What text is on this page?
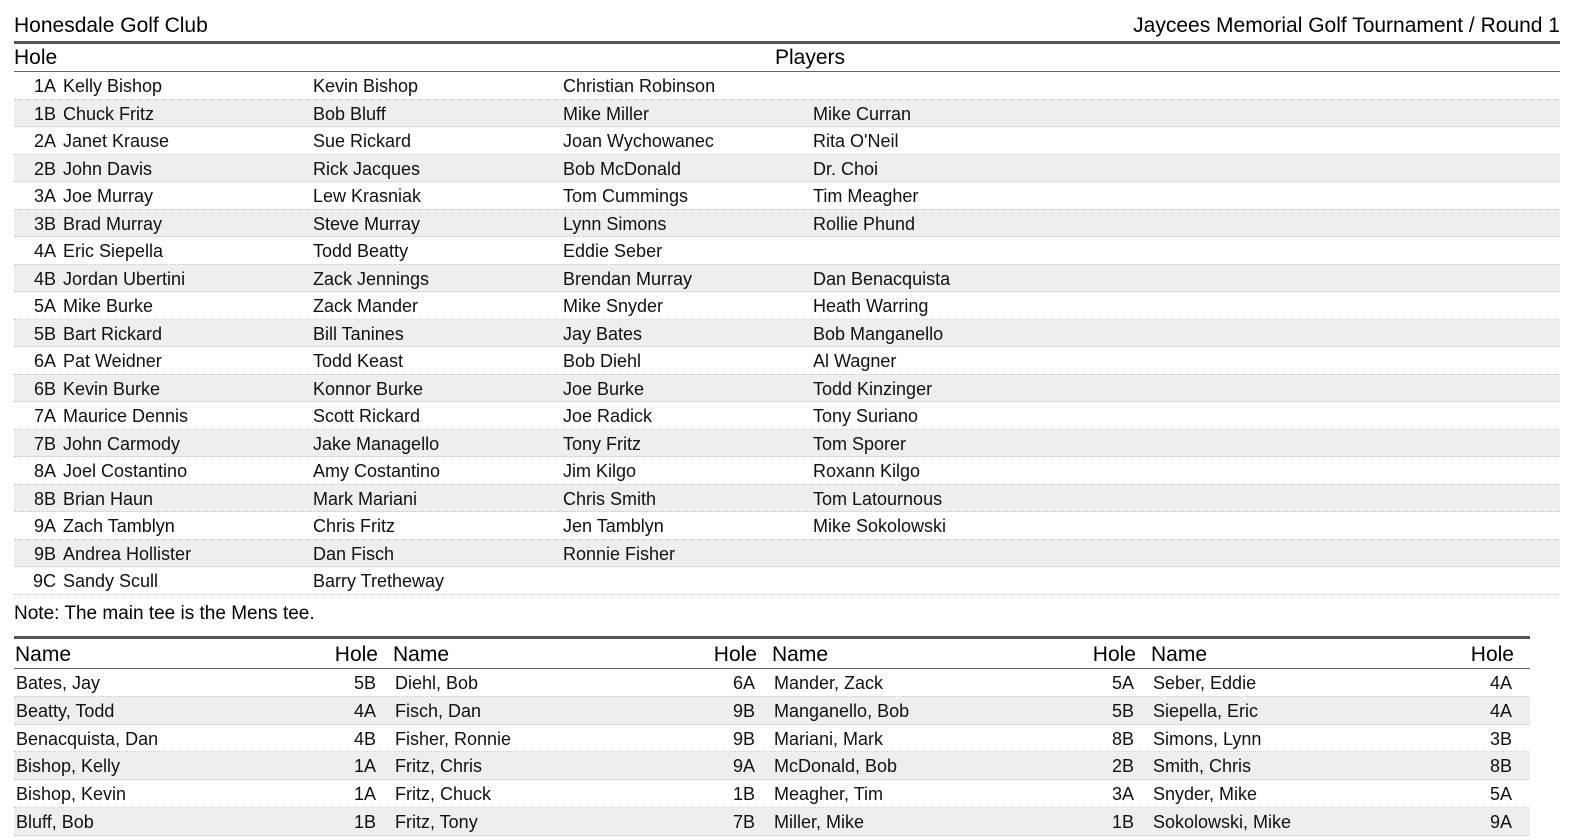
Honesdale Golf Club	Jaycees Memorial Golf Tournament / Round 1
Hole	Players
1A Kelly Bishop	Kevin Bishop	Christian Robinson
1B Chuck Fritz	Bob Bluff	Mike Miller	Mike Curran
2A Janet Krause	Sue Rickard	Joan Wychowanec	Rita O'Neil
2B John Davis	Rick Jacques	Bob McDonald	Dr. Choi
3A Joe Murray	Lew Krasniak	Tom Cummings	Tim Meagher
3B Brad Murray	Steve Murray	Lynn Simons	Rollie Phund
4A Eric Siepella	Todd Beatty	Eddie Seber
4B Jordan Ubertini	Zack Jennings	Brendan Murray	Dan Benacquista
5A Mike Burke	Zack Mander	Mike Snyder	Heath Warring
5B Bart Rickard	Bill Tanines	Jay Bates	Bob Manganello
6A Pat Weidner	Todd Keast	Bob Diehl	Al Wagner
6B Kevin Burke	Konnor Burke	Joe Burke	Todd Kinzinger
7A Maurice Dennis	Scott Rickard	Joe Radick	Tony Suriano
7B John Carmody	Jake Managello	Tony Fritz	Tom Sporer
8A Joel Costantino	Amy Costantino	Jim Kilgo	Roxann Kilgo
8B Brian Haun	Mark Mariani	Chris Smith	Tom Latournous
9A Zach Tamblyn	Chris Fritz	Jen Tamblyn	Mike Sokolowski
9B Andrea Hollister	Dan Fisch	Ronnie Fisher
9C Sandy Scull	Barry Tretheway
Note: The main tee is the Mens tee.
Name	Hole Name	Hole Name	Hole Name	Hole
Bates, Jay	5B Diehl, Bob	6A Mander, Zack	5A Seber, Eddie	4A
Beatty, Todd	4A Fisch, Dan	9B Manganello, Bob	5B Siepella, Eric	4A
Benacquista, Dan	4B Fisher, Ronnie	9B Mariani, Mark	8B Simons, Lynn	3B
Bishop, Kelly	1A Fritz, Chris	9A McDonald, Bob	2B Smith, Chris	8B
Bishop, Kevin	1A Fritz, Chuck	1B Meagher, Tim	3A Snyder, Mike	5A
Bluff, Bob	1B Fritz, Tony	7B Miller, Mike	1B Sokolowski, Mike	9A
